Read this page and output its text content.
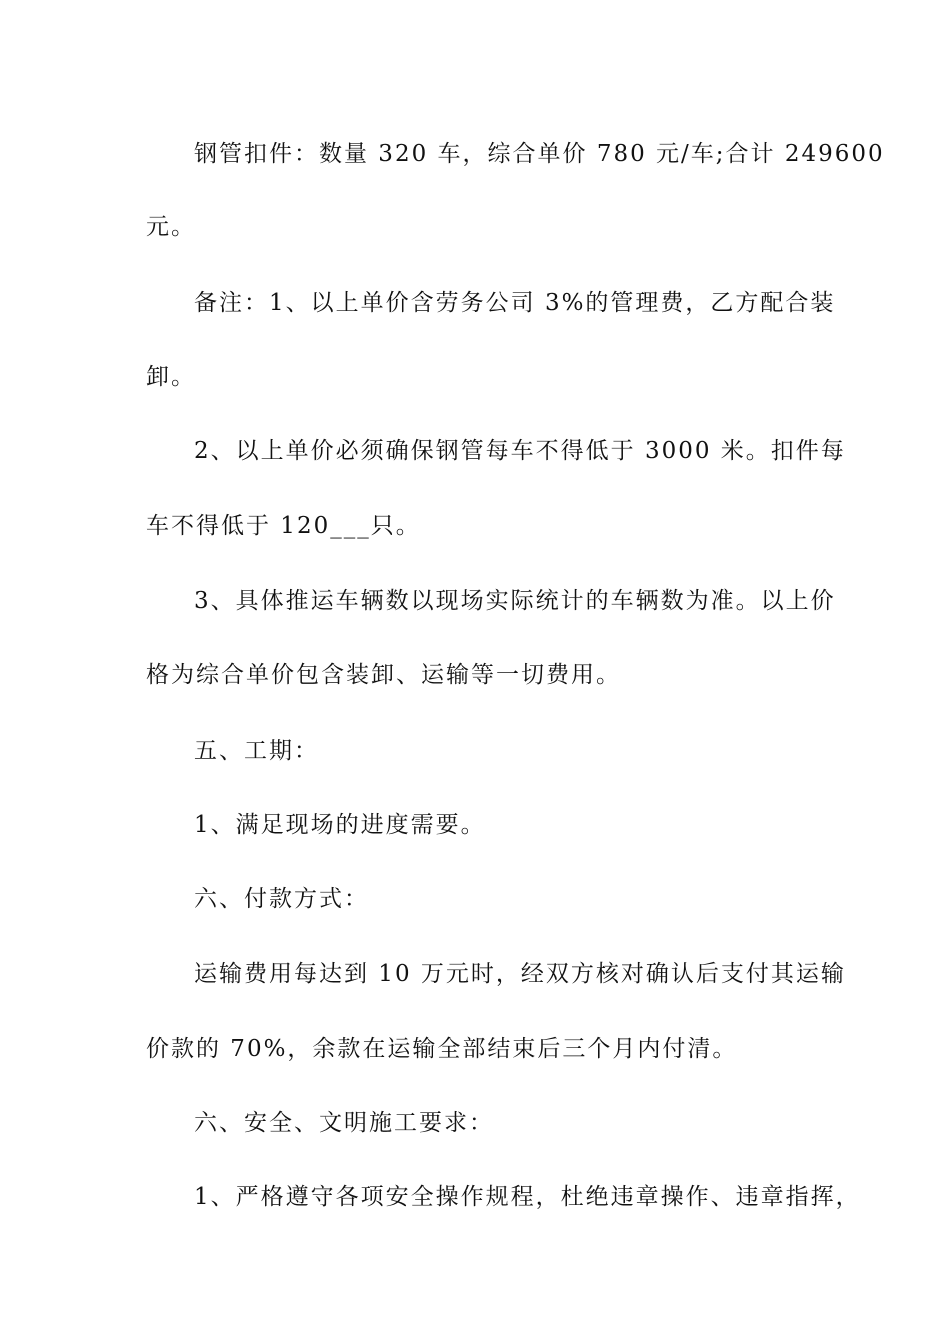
钢管扣件：数量 320 车，综合单价 780 元/车;合计 249600
元。
备注：1、以上单价含劳务公司 3%的管理费，乙方配合装
卸。
2、以上单价必须确保钢管每车不得低于 3000 米。扣件每
车不得低于 120___只。
3、具体推运车辆数以现场实际统计的车辆数为准。以上价
格为综合单价包含装卸、运输等一切费用。
五、工期：
1、满足现场的进度需要。
六、付款方式：
运输费用每达到 10 万元时，经双方核对确认后支付其运输
价款的 70%，余款在运输全部结束后三个月内付清。
六、安全、文明施工要求：
1、严格遵守各项安全操作规程，杜绝违章操作、违章指挥，
